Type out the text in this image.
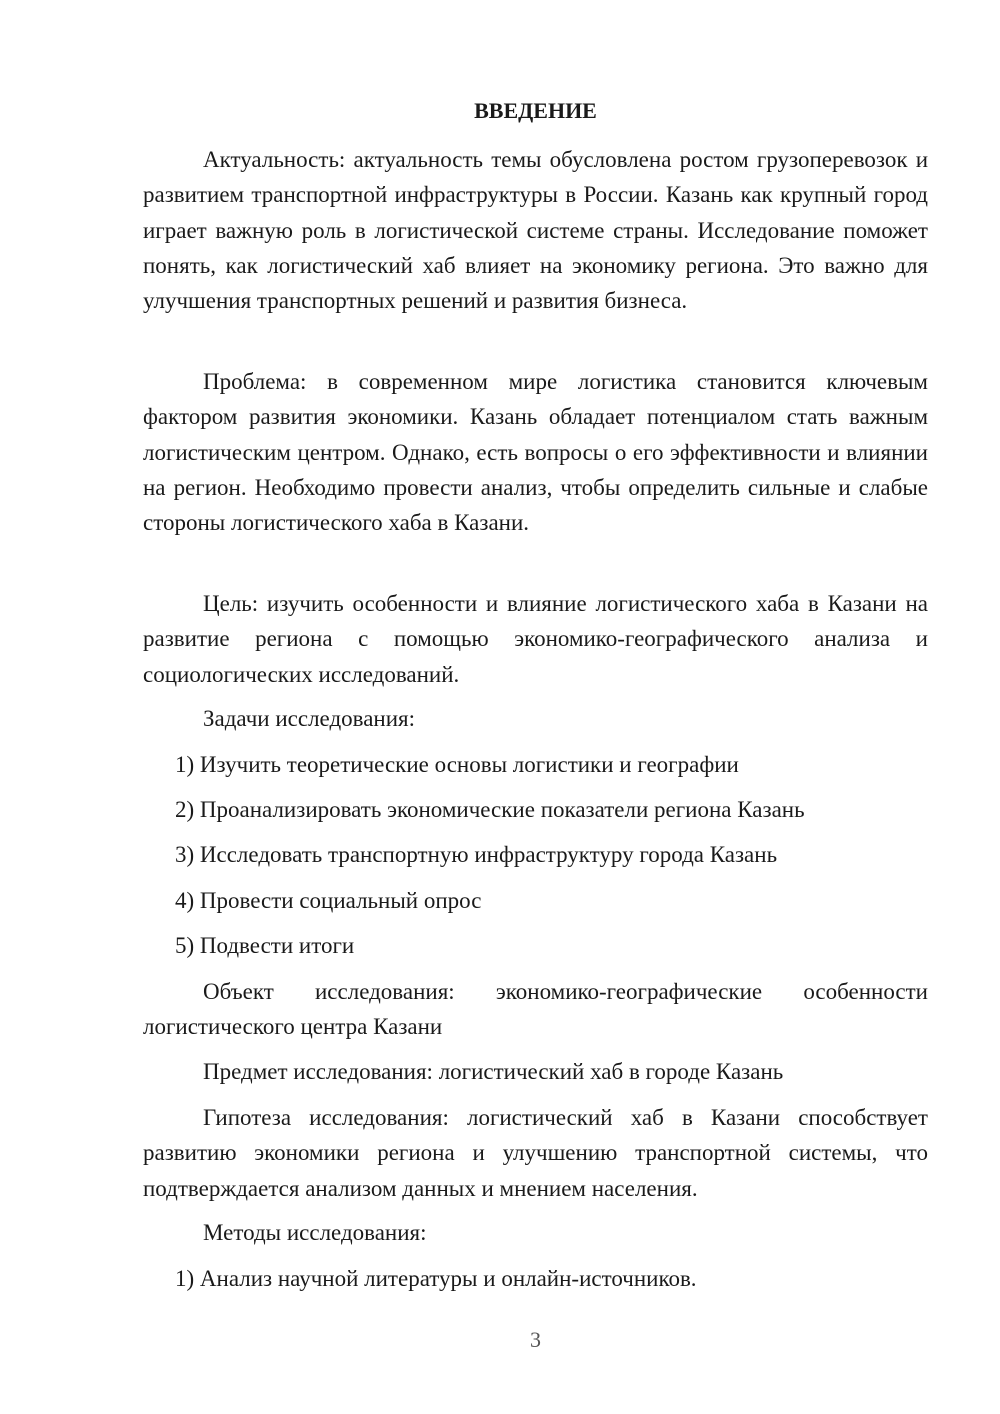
ВВЕДЕНИЕ

Актуальность: актуальность темы обусловлена ростом грузоперевозок и развитием транспортной инфраструктуры в России. Казань как крупный город играет важную роль в логистической системе страны. Исследование поможет понять, как логистический хаб влияет на экономику региона. Это важно для улучшения транспортных решений и развития бизнеса.

Проблема: в современном мире логистика становится ключевым фактором развития экономики. Казань обладает потенциалом стать важным логистическим центром. Однако, есть вопросы о его эффективности и влиянии на регион. Необходимо провести анализ, чтобы определить сильные и слабые стороны логистического хаба в Казани.

Цель: изучить особенности и влияние логистического хаба в Казани на развитие региона с помощью экономико-географического анализа и социологических исследований.

Задачи исследования:
1) Изучить теоретические основы логистики и географии
2) Проанализировать экономические показатели региона Казань
3) Исследовать транспортную инфраструктуру города Казань
4) Провести социальный опрос
5) Подвести итоги

Объект исследования: экономико-географические особенности логистического центра Казани

Предмет исследования: логистический хаб в городе Казань

Гипотеза исследования: логистический хаб в Казани способствует развитию экономики региона и улучшению транспортной системы, что подтверждается анализом данных и мнением населения.

Методы исследования:
1) Анализ научной литературы и онлайн-источников.
3
